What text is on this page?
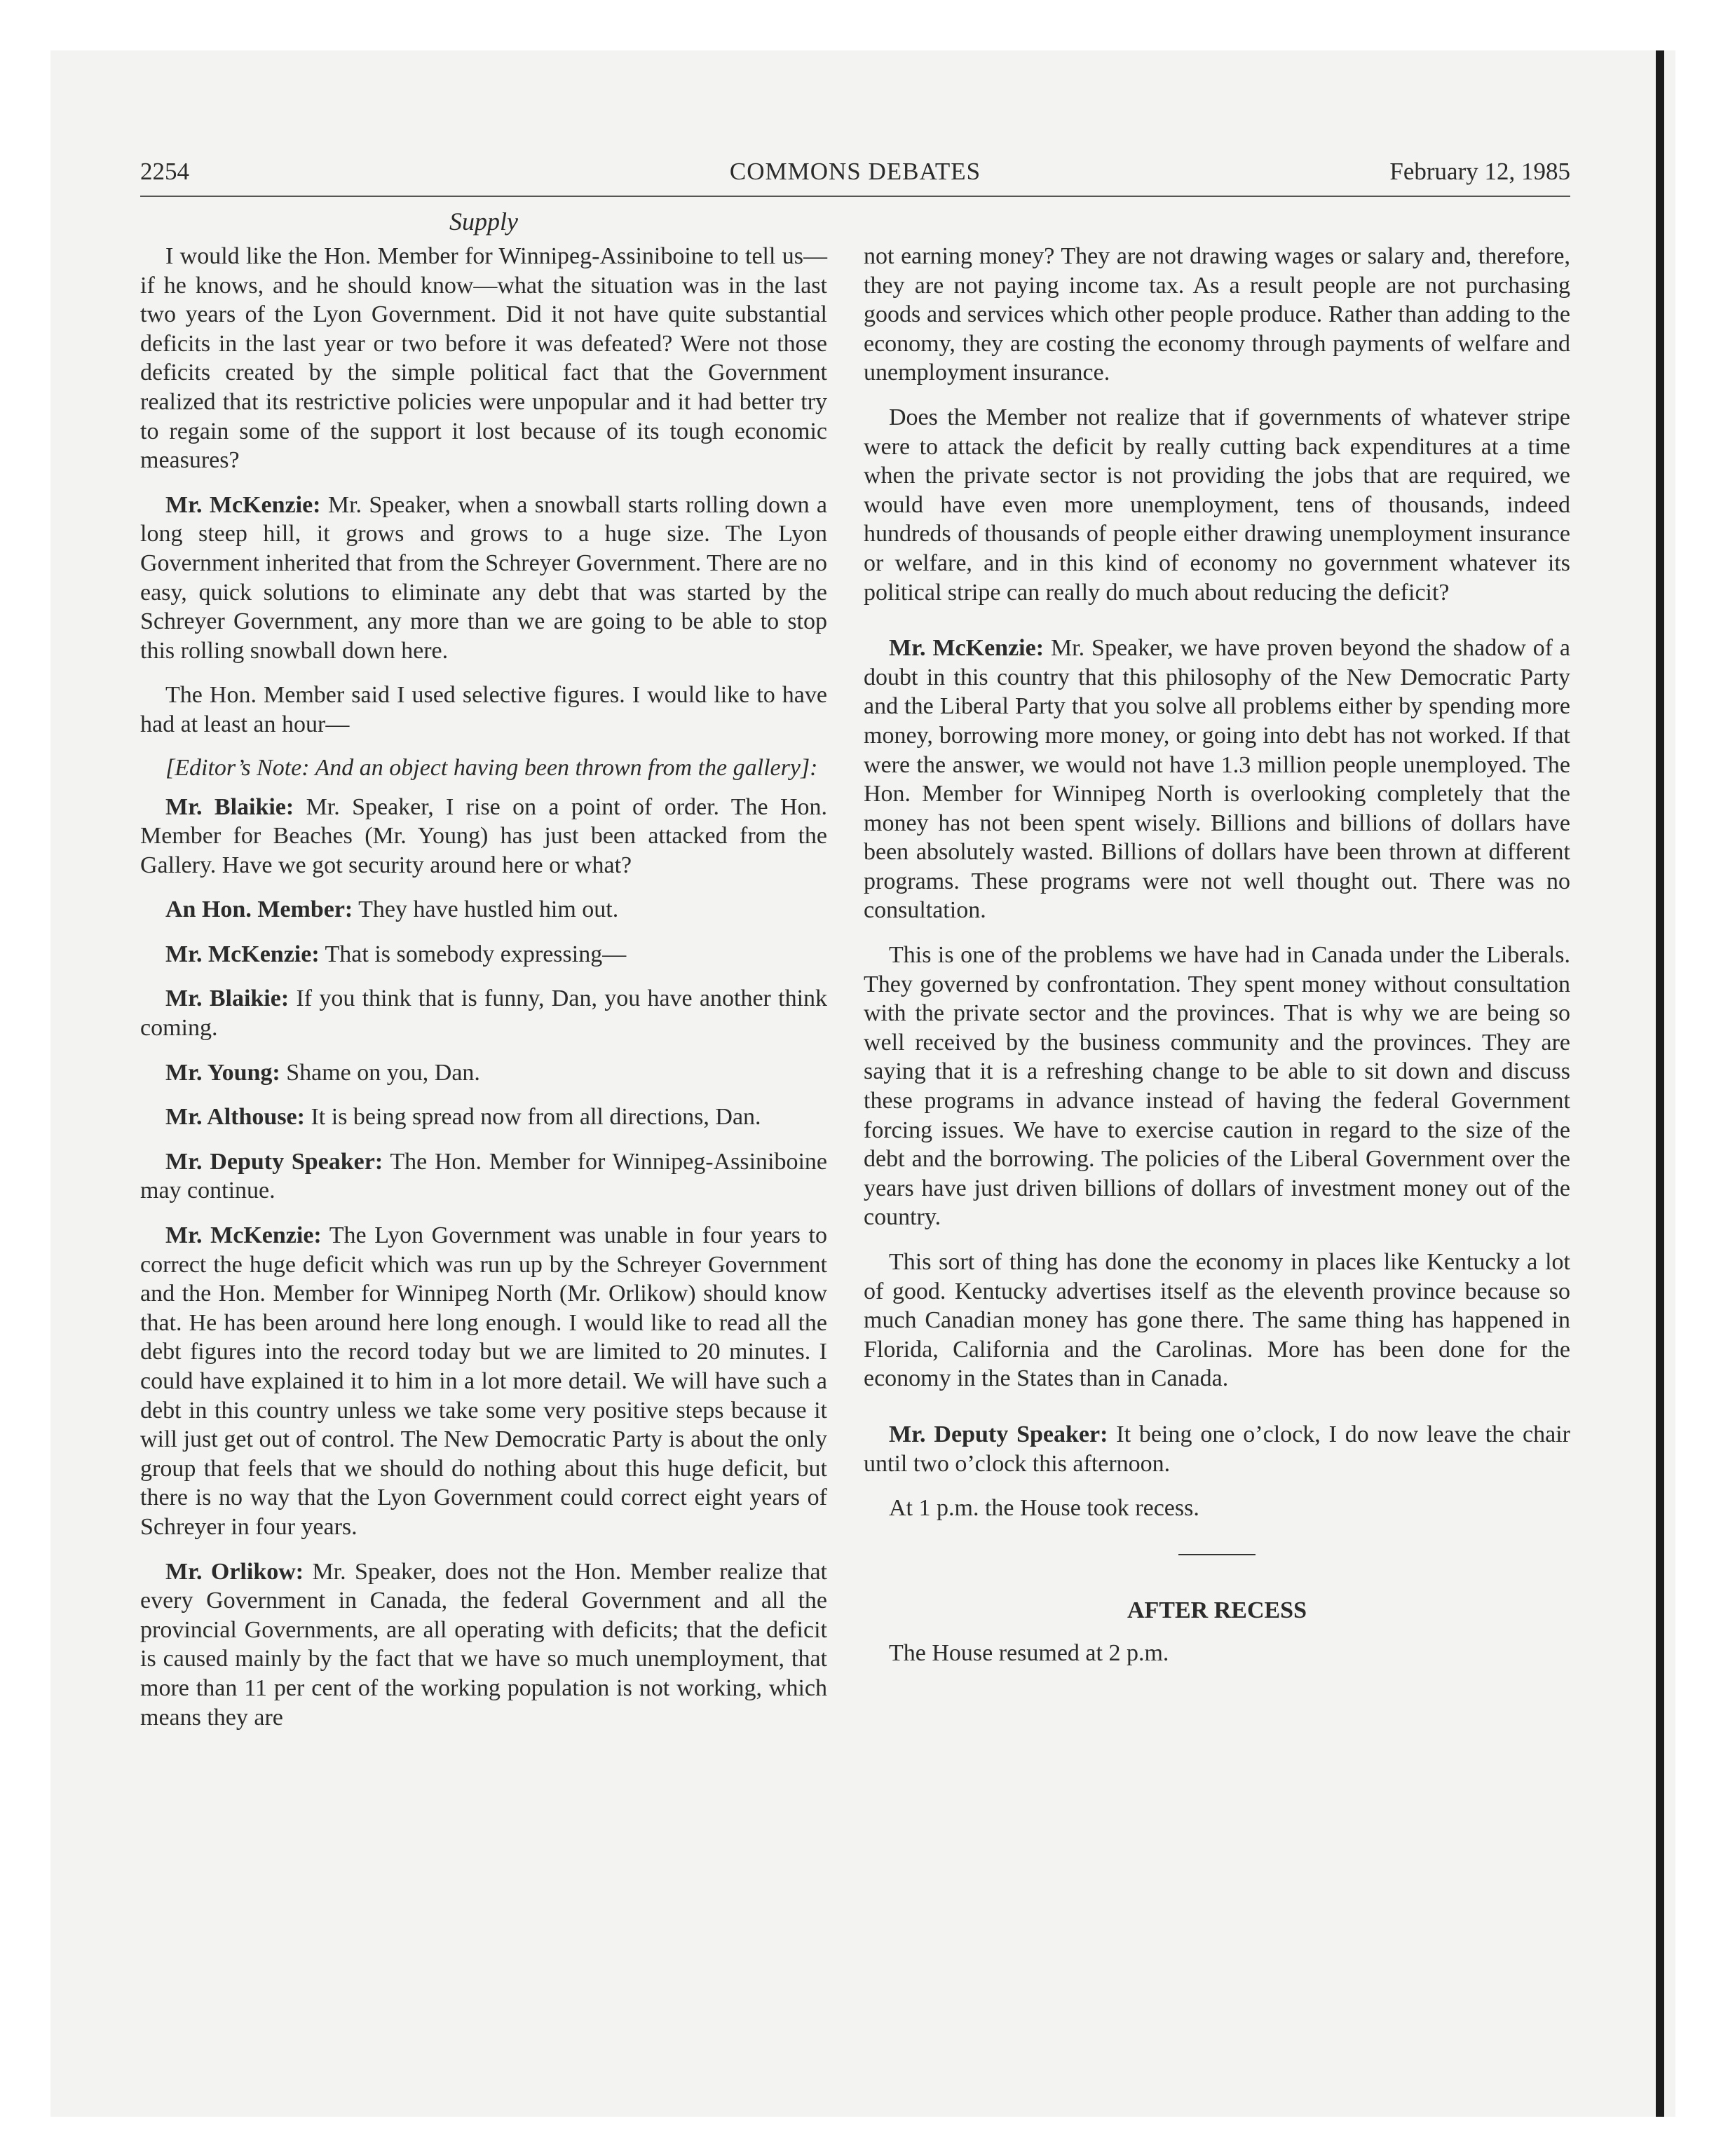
2254	COMMONS DEBATES	February 12, 1985
Supply

I would like the Hon. Member for Winnipeg-Assiniboine to tell us—if he knows, and he should know—what the situation was in the last two years of the Lyon Government. Did it not have quite substantial deficits in the last year or two before it was defeated? Were not those deficits created by the simple political fact that the Government realized that its restrictive policies were unpopular and it had better try to regain some of the support it lost because of its tough economic measures?

Mr. McKenzie: Mr. Speaker, when a snowball starts rolling down a long steep hill, it grows and grows to a huge size. The Lyon Government inherited that from the Schreyer Government. There are no easy, quick solutions to eliminate any debt that was started by the Schreyer Government, any more than we are going to be able to stop this rolling snowball down here.

The Hon. Member said I used selective figures. I would like to have had at least an hour—

[Editor’s Note: And an object having been thrown from the gallery]:

Mr. Blaikie: Mr. Speaker, I rise on a point of order. The Hon. Member for Beaches (Mr. Young) has just been attacked from the Gallery. Have we got security around here or what?

An Hon. Member: They have hustled him out.

Mr. McKenzie: That is somebody expressing—

Mr. Blaikie: If you think that is funny, Dan, you have another think coming.

Mr. Young: Shame on you, Dan.

Mr. Althouse: It is being spread now from all directions, Dan.

Mr. Deputy Speaker: The Hon. Member for Winnipeg-Assiniboine may continue.

Mr. McKenzie: The Lyon Government was unable in four years to correct the huge deficit which was run up by the Schreyer Government and the Hon. Member for Winnipeg North (Mr. Orlikow) should know that. He has been around here long enough. I would like to read all the debt figures into the record today but we are limited to 20 minutes. I could have explained it to him in a lot more detail. We will have such a debt in this country unless we take some very positive steps because it will just get out of control. The New Democratic Party is about the only group that feels that we should do nothing about this huge deficit, but there is no way that the Lyon Government could correct eight years of Schreyer in four years.

Mr. Orlikow: Mr. Speaker, does not the Hon. Member realize that every Government in Canada, the federal Government and all the provincial Governments, are all operating with deficits; that the deficit is caused mainly by the fact that we have so much unemployment, that more than 11 per cent of the working population is not working, which means they are

not earning money? They are not drawing wages or salary and, therefore, they are not paying income tax. As a result people are not purchasing goods and services which other people produce. Rather than adding to the economy, they are costing the economy through payments of welfare and unemployment insurance.

Does the Member not realize that if governments of whatever stripe were to attack the deficit by really cutting back expenditures at a time when the private sector is not providing the jobs that are required, we would have even more unemployment, tens of thousands, indeed hundreds of thousands of people either drawing unemployment insurance or welfare, and in this kind of economy no government whatever its political stripe can really do much about reducing the deficit?

Mr. McKenzie: Mr. Speaker, we have proven beyond the shadow of a doubt in this country that this philosophy of the New Democratic Party and the Liberal Party that you solve all problems either by spending more money, borrowing more money, or going into debt has not worked. If that were the answer, we would not have 1.3 million people unemployed. The Hon. Member for Winnipeg North is overlooking completely that the money has not been spent wisely. Billions and billions of dollars have been absolutely wasted. Billions of dollars have been thrown at different programs. These programs were not well thought out. There was no consultation.

This is one of the problems we have had in Canada under the Liberals. They governed by confrontation. They spent money without consultation with the private sector and the provinces. That is why we are being so well received by the business community and the provinces. They are saying that it is a refreshing change to be able to sit down and discuss these programs in advance instead of having the federal Government forcing issues. We have to exercise caution in regard to the size of the debt and the borrowing. The policies of the Liberal Government over the years have just driven billions of dollars of investment money out of the country.

This sort of thing has done the economy in places like Kentucky a lot of good. Kentucky advertises itself as the eleventh province because so much Canadian money has gone there. The same thing has happened in Florida, California and the Carolinas. More has been done for the economy in the States than in Canada.

Mr. Deputy Speaker: It being one o’clock, I do now leave the chair until two o’clock this afternoon.

At 1 p.m. the House took recess.

AFTER RECESS

The House resumed at 2 p.m.
